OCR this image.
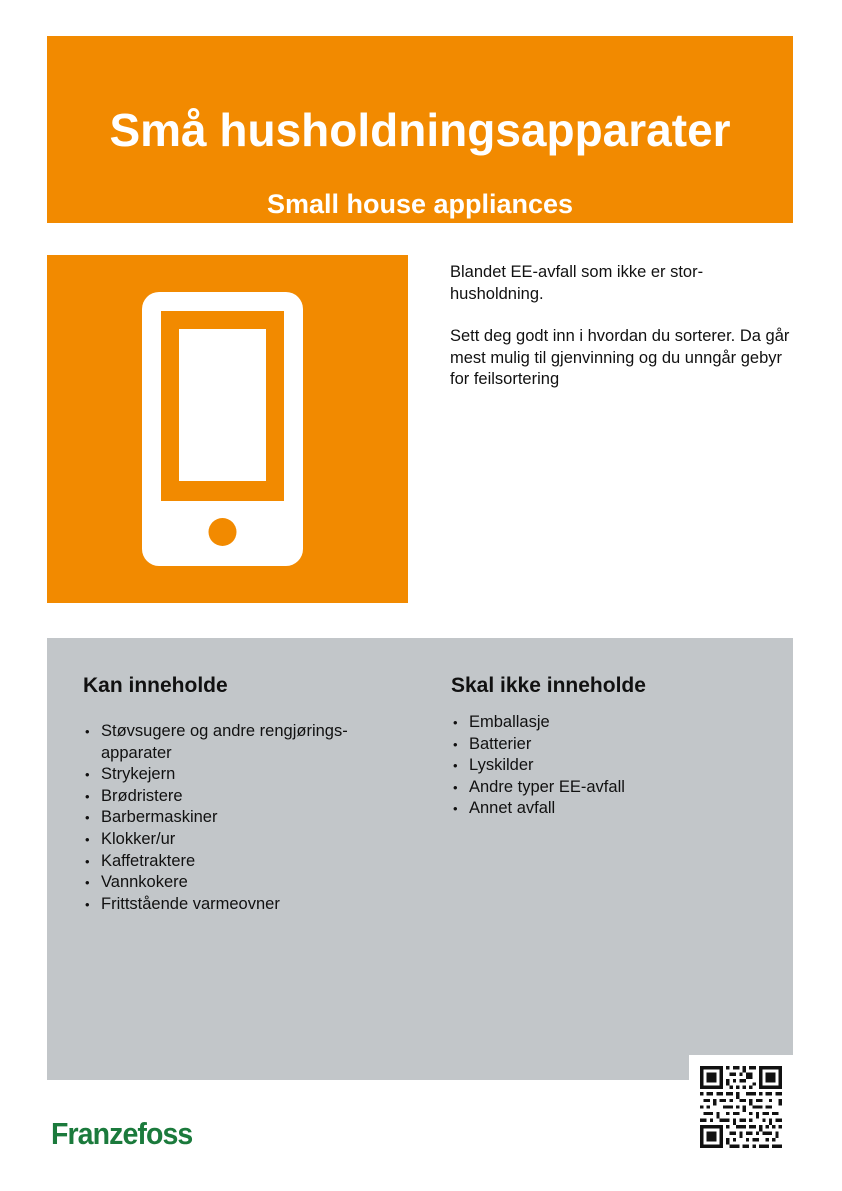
Små husholdningsapparater
Small house appliances

Blandet EE-avfall som ikke er stor-husholdning.

Sett deg godt inn i hvordan du sorterer. Da går mest mulig til gjenvinning og du unngår gebyr for feilsortering

Kan inneholde
• Støvsugere og andre rengjørings-apparater
• Strykejern
• Brødristere
• Barbermaskiner
• Klokker/ur
• Kaffetraktere
• Vannkokere
• Frittstående varmeovner
Skal ikke inneholde
• Emballasje
• Batterier
• Lyskilder
• Andre typer EE-avfall
• Annet avfall
Franzefoss
